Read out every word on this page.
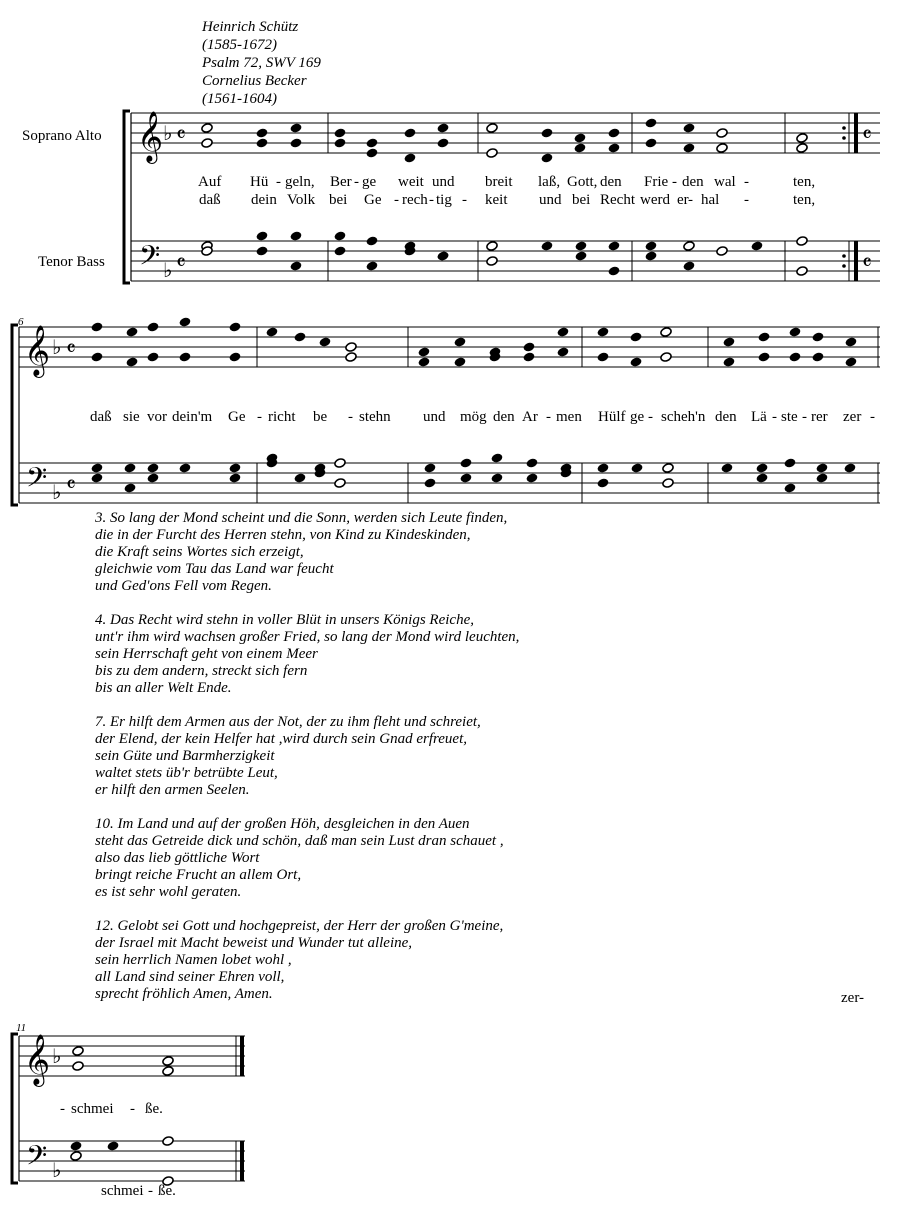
Heinrich Schütz
(1585-1672)
Psalm 72, SWV 169
Cornelius Becker
(1561-1604)
Soprano Alto
Tenor Bass
6
11
𝄞
𝄢
♭
♭
𝄴
𝄴
𝄴
𝄴
𝄞
𝄢
♭
♭
𝄴
𝄴
𝄞
𝄢
♭
♭
Auf Hü - geln, Ber - ge weit und breit laß, Gott, den Frie - den wal -	ten,
daß dein Volk bei Ge - rech - tig - keit und bei Recht werd er - hal -	ten,
daß sie vor dein'm Ge - richt be - stehn und mög den Ar - men Hülf ge - scheh'n den Lä - ste - rer zer -
- schmei - ße.
schmei - ße.
3. So lang der Mond scheint und die Sonn, werden sich Leute finden,
die in der Furcht des Herren stehn, von Kind zu Kindeskinden,
die Kraft seins Wortes sich erzeigt,
gleichwie vom Tau das Land war feucht
und Ged'ons Fell vom Regen.
4. Das Recht wird stehn in voller Blüt in unsers Königs Reiche,
unt'r ihm wird wachsen großer Fried, so lang der Mond wird leuchten,
sein Herrschaft geht von einem Meer
bis zu dem andern, streckt sich fern
bis an aller Welt Ende.
7. Er hilft dem Armen aus der Not, der zu ihm fleht und schreiet,
der Elend, der kein Helfer hat ,wird durch sein Gnad erfreuet,
sein Güte und Barmherzigkeit
waltet stets üb'r betrübte Leut,
er hilft den armen Seelen.
10. Im Land und auf der großen Höh, desgleichen in den Auen
steht das Getreide dick und schön, daß man sein Lust dran schauet ,
also das lieb göttliche Wort
bringt reiche Frucht an allem Ort,
es ist sehr wohl geraten.
12. Gelobt sei Gott und hochgepreist, der Herr der großen G'meine,
der Israel mit Macht beweist und Wunder tut alleine,
sein herrlich Namen lobet wohl ,
all Land sind seiner Ehren voll,
sprecht fröhlich Amen, Amen.	zer-
